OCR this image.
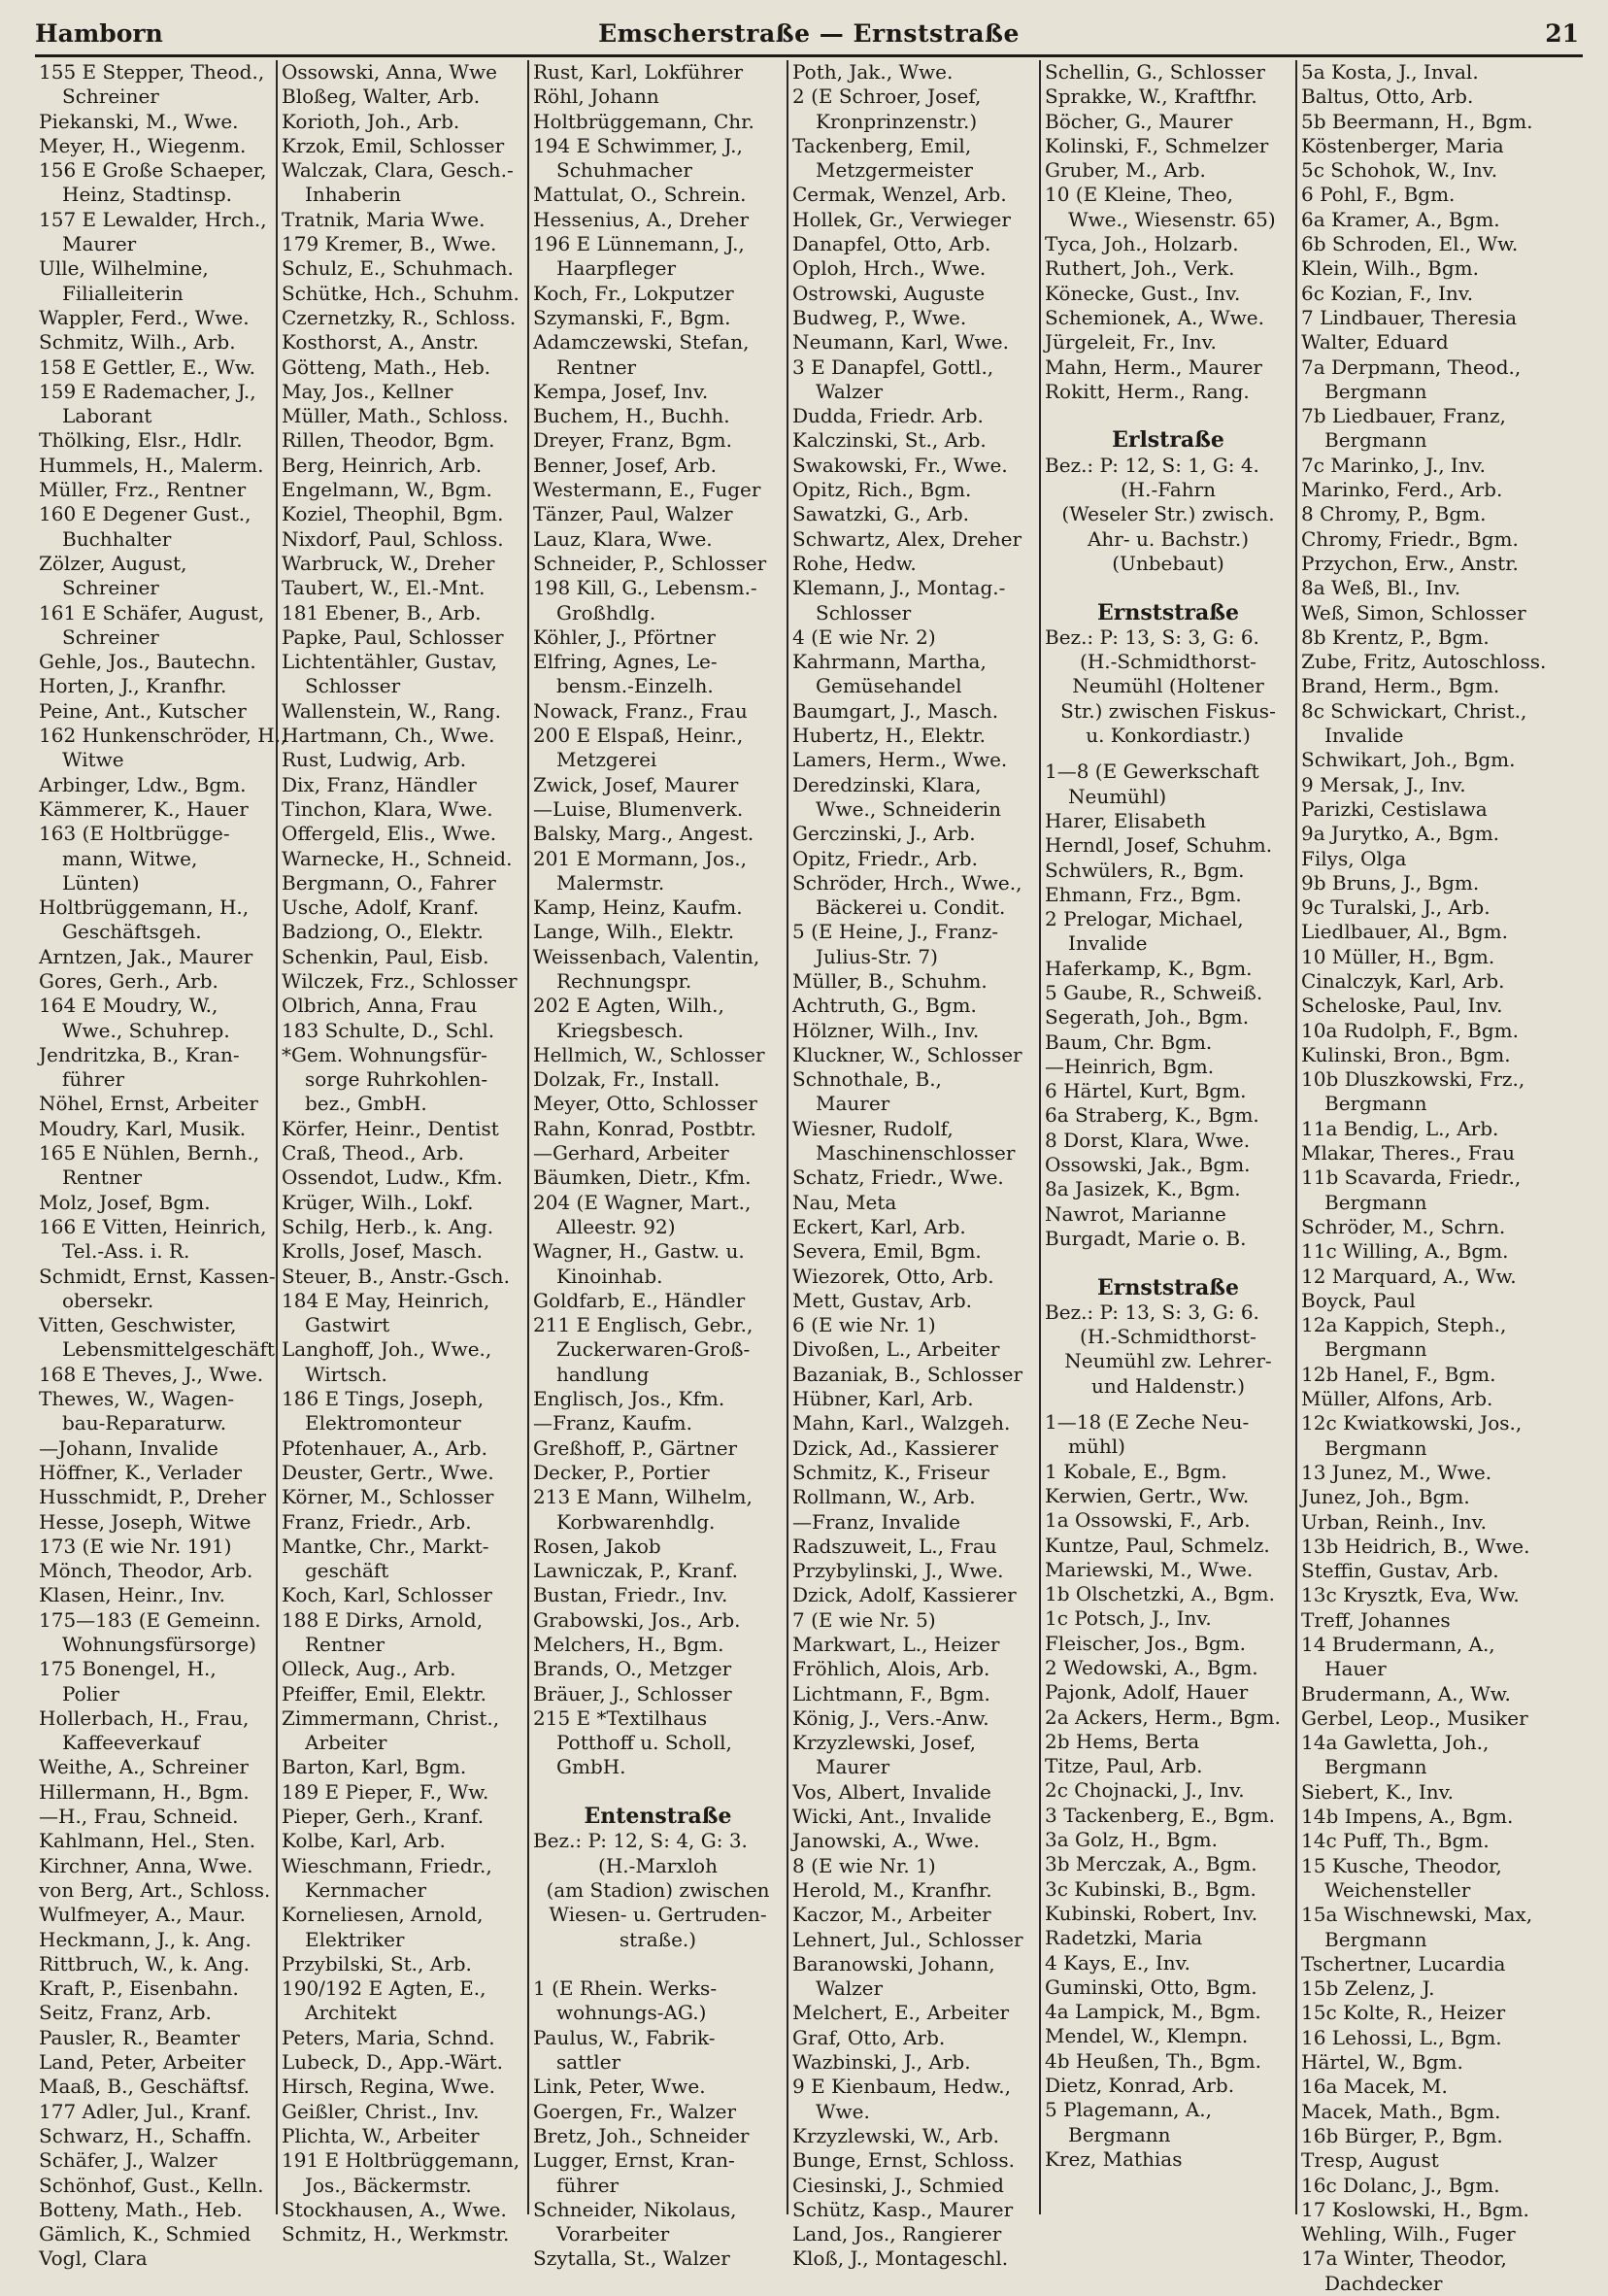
Hamborn	Emscherstraße — Ernststraße	21
155 E Stepper, Theod.,
Schreiner
Piekanski, M., Wwe.
Meyer, H., Wiegenm.
156 E Große Schaeper,
Heinz, Stadtinsp.
157 E Lewalder, Hrch.,
Maurer
Ulle, Wilhelmine,
Filialleiterin
Wappler, Ferd., Wwe.
Schmitz, Wilh., Arb.
158 E Gettler, E., Ww.
159 E Rademacher, J.,
Laborant
Thölking, Elsr., Hdlr.
Hummels, H., Malerm.
Müller, Frz., Rentner
160 E Degener Gust.,
Buchhalter
Zölzer, August,
Schreiner
161 E Schäfer, August,
Schreiner
Gehle, Jos., Bautechn.
Horten, J., Kranfhr.
Peine, Ant., Kutscher
162 Hunkenschröder, H.,
Witwe
Arbinger, Ldw., Bgm.
Kämmerer, K., Hauer
163 (E Holtbrügge-
mann, Witwe,
Lünten)
Holtbrüggemann, H.,
Geschäftsgeh.
Arntzen, Jak., Maurer
Gores, Gerh., Arb.
164 E Moudry, W.,
Wwe., Schuhrep.
Jendritzka, B., Kran-
führer
Nöhel, Ernst, Arbeiter
Moudry, Karl, Musik.
165 E Nühlen, Bernh.,
Rentner
Molz, Josef, Bgm.
166 E Vitten, Heinrich,
Tel.-Ass. i. R.
Schmidt, Ernst, Kassen-
obersekr.
Vitten, Geschwister,
Lebensmittelgeschäft
168 E Theves, J., Wwe.
Thewes, W., Wagen-
bau-Reparaturw.
—Johann, Invalide
Höffner, K., Verlader
Husschmidt, P., Dreher
Hesse, Joseph, Witwe
173 (E wie Nr. 191)
Mönch, Theodor, Arb.
Klasen, Heinr., Inv.
175—183 (E Gemeinn.
Wohnungsfürsorge)
175 Bonengel, H.,
Polier
Hollerbach, H., Frau,
Kaffeeverkauf
Weithe, A., Schreiner
Hillermann, H., Bgm.
—H., Frau, Schneid.
Kahlmann, Hel., Sten.
Kirchner, Anna, Wwe.
von Berg, Art., Schloss.
Wulfmeyer, A., Maur.
Heckmann, J., k. Ang.
Rittbruch, W., k. Ang.
Kraft, P., Eisenbahn.
Seitz, Franz, Arb.
Pausler, R., Beamter
Land, Peter, Arbeiter
Maaß, B., Geschäftsf.
177 Adler, Jul., Kranf.
Schwarz, H., Schaffn.
Schäfer, J., Walzer
Schönhof, Gust., Kelln.
Botteny, Math., Heb.
Gämlich, K., Schmied
Vogl, Clara
Ossowski, Anna, Wwe
Bloßeg, Walter, Arb.
Korioth, Joh., Arb.
Krzok, Emil, Schlosser
Walczak, Clara, Gesch.-
Inhaberin
Tratnik, Maria Wwe.
179 Kremer, B., Wwe.
Schulz, E., Schuhmach.
Schütke, Hch., Schuhm.
Czernetzky, R., Schloss.
Kosthorst, A., Anstr.
Götteng, Math., Heb.
May, Jos., Kellner
Müller, Math., Schloss.
Rillen, Theodor, Bgm.
Berg, Heinrich, Arb.
Engelmann, W., Bgm.
Koziel, Theophil, Bgm.
Nixdorf, Paul, Schloss.
Warbruck, W., Dreher
Taubert, W., El.-Mnt.
181 Ebener, B., Arb.
Papke, Paul, Schlosser
Lichtentähler, Gustav,
Schlosser
Wallenstein, W., Rang.
Hartmann, Ch., Wwe.
Rust, Ludwig, Arb.
Dix, Franz, Händler
Tinchon, Klara, Wwe.
Offergeld, Elis., Wwe.
Warnecke, H., Schneid.
Bergmann, O., Fahrer
Usche, Adolf, Kranf.
Badziong, O., Elektr.
Schenkin, Paul, Eisb.
Wilczek, Frz., Schlosser
Olbrich, Anna, Frau
183 Schulte, D., Schl.
*Gem. Wohnungsfür-
sorge Ruhrkohlen-
bez., GmbH.
Körfer, Heinr., Dentist
Craß, Theod., Arb.
Ossendot, Ludw., Kfm.
Krüger, Wilh., Lokf.
Schilg, Herb., k. Ang.
Krolls, Josef, Masch.
Steuer, B., Anstr.-Gsch.
184 E May, Heinrich,
Gastwirt
Langhoff, Joh., Wwe.,
Wirtsch.
186 E Tings, Joseph,
Elektromonteur
Pfotenhauer, A., Arb.
Deuster, Gertr., Wwe.
Körner, M., Schlosser
Franz, Friedr., Arb.
Mantke, Chr., Markt-
geschäft
Koch, Karl, Schlosser
188 E Dirks, Arnold,
Rentner
Olleck, Aug., Arb.
Pfeiffer, Emil, Elektr.
Zimmermann, Christ.,
Arbeiter
Barton, Karl, Bgm.
189 E Pieper, F., Ww.
Pieper, Gerh., Kranf.
Kolbe, Karl, Arb.
Wieschmann, Friedr.,
Kernmacher
Korneliesen, Arnold,
Elektriker
Przybilski, St., Arb.
190/192 E Agten, E.,
Architekt
Peters, Maria, Schnd.
Lubeck, D., App.-Wärt.
Hirsch, Regina, Wwe.
Geißler, Christ., Inv.
Plichta, W., Arbeiter
191 E Holtbrüggemann,
Jos., Bäckermstr.
Stockhausen, A., Wwe.
Schmitz, H., Werkmstr.
Rust, Karl, Lokführer
Röhl, Johann
Holtbrüggemann, Chr.
194 E Schwimmer, J.,
Schuhmacher
Mattulat, O., Schrein.
Hessenius, A., Dreher
196 E Lünnemann, J.,
Haarpfleger
Koch, Fr., Lokputzer
Szymanski, F., Bgm.
Adamczewski, Stefan,
Rentner
Kempa, Josef, Inv.
Buchem, H., Buchh.
Dreyer, Franz, Bgm.
Benner, Josef, Arb.
Westermann, E., Fuger
Tänzer, Paul, Walzer
Lauz, Klara, Wwe.
Schneider, P., Schlosser
198 Kill, G., Lebensm.-
Großhdlg.
Köhler, J., Pförtner
Elfring, Agnes, Le-
bensm.-Einzelh.
Nowack, Franz., Frau
200 E Elspaß, Heinr.,
Metzgerei
Zwick, Josef, Maurer
—Luise, Blumenverk.
Balsky, Marg., Angest.
201 E Mormann, Jos.,
Malermstr.
Kamp, Heinz, Kaufm.
Lange, Wilh., Elektr.
Weissenbach, Valentin,
Rechnungspr.
202 E Agten, Wilh.,
Kriegsbesch.
Hellmich, W., Schlosser
Dolzak, Fr., Install.
Meyer, Otto, Schlosser
Rahn, Konrad, Postbtr.
—Gerhard, Arbeiter
Bäumken, Dietr., Kfm.
204 (E Wagner, Mart.,
Alleestr. 92)
Wagner, H., Gastw. u.
Kinoinhab.
Goldfarb, E., Händler
211 E Englisch, Gebr.,
Zuckerwaren-Groß-
handlung
Englisch, Jos., Kfm.
—Franz, Kaufm.
Greßhoff, P., Gärtner
Decker, P., Portier
213 E Mann, Wilhelm,
Korbwarenhdlg.
Rosen, Jakob
Lawniczak, P., Kranf.
Bustan, Friedr., Inv.
Grabowski, Jos., Arb.
Melchers, H., Bgm.
Brands, O., Metzger
Bräuer, J., Schlosser
215 E *Textilhaus
Potthoff u. Scholl,
GmbH.
Entenstraße
Bez.: P: 12, S: 4, G: 3.
(H.-Marxloh
(am Stadion) zwischen
Wiesen- u. Gertruden-
straße.)
1 (E Rhein. Werks-
wohnungs-AG.)
Paulus, W., Fabrik-
sattler
Link, Peter, Wwe.
Goergen, Fr., Walzer
Bretz, Joh., Schneider
Lugger, Ernst, Kran-
führer
Schneider, Nikolaus,
Vorarbeiter
Szytalla, St., Walzer
Poth, Jak., Wwe.
2 (E Schroer, Josef,
Kronprinzenstr.)
Tackenberg, Emil,
Metzgermeister
Cermak, Wenzel, Arb.
Hollek, Gr., Verwieger
Danapfel, Otto, Arb.
Oploh, Hrch., Wwe.
Ostrowski, Auguste
Budweg, P., Wwe.
Neumann, Karl, Wwe.
3 E Danapfel, Gottl.,
Walzer
Dudda, Friedr. Arb.
Kalczinski, St., Arb.
Swakowski, Fr., Wwe.
Opitz, Rich., Bgm.
Sawatzki, G., Arb.
Schwartz, Alex, Dreher
Rohe, Hedw.
Klemann, J., Montag.-
Schlosser
4 (E wie Nr. 2)
Kahrmann, Martha,
Gemüsehandel
Baumgart, J., Masch.
Hubertz, H., Elektr.
Lamers, Herm., Wwe.
Deredzinski, Klara,
Wwe., Schneiderin
Gerczinski, J., Arb.
Opitz, Friedr., Arb.
Schröder, Hrch., Wwe.,
Bäckerei u. Condit.
5 (E Heine, J., Franz-
Julius-Str. 7)
Müller, B., Schuhm.
Achtruth, G., Bgm.
Hölzner, Wilh., Inv.
Kluckner, W., Schlosser
Schnothale, B.,
Maurer
Wiesner, Rudolf,
Maschinenschlosser
Schatz, Friedr., Wwe.
Nau, Meta
Eckert, Karl, Arb.
Severa, Emil, Bgm.
Wiezorek, Otto, Arb.
Mett, Gustav, Arb.
6 (E wie Nr. 1)
Divoßen, L., Arbeiter
Bazaniak, B., Schlosser
Hübner, Karl, Arb.
Mahn, Karl., Walzgeh.
Dzick, Ad., Kassierer
Schmitz, K., Friseur
Rollmann, W., Arb.
—Franz, Invalide
Radszuweit, L., Frau
Przybylinski, J., Wwe.
Dzick, Adolf, Kassierer
7 (E wie Nr. 5)
Markwart, L., Heizer
Fröhlich, Alois, Arb.
Lichtmann, F., Bgm.
König, J., Vers.-Anw.
Krzyzlewski, Josef,
Maurer
Vos, Albert, Invalide
Wicki, Ant., Invalide
Janowski, A., Wwe.
8 (E wie Nr. 1)
Herold, M., Kranfhr.
Kaczor, M., Arbeiter
Lehnert, Jul., Schlosser
Baranowski, Johann,
Walzer
Melchert, E., Arbeiter
Graf, Otto, Arb.
Wazbinski, J., Arb.
9 E Kienbaum, Hedw.,
Wwe.
Krzyzlewski, W., Arb.
Bunge, Ernst, Schloss.
Ciesinski, J., Schmied
Schütz, Kasp., Maurer
Land, Jos., Rangierer
Kloß, J., Montageschl.
Schellin, G., Schlosser
Sprakke, W., Kraftfhr.
Böcher, G., Maurer
Kolinski, F., Schmelzer
Gruber, M., Arb.
10 (E Kleine, Theo,
Wwe., Wiesenstr. 65)
Tyca, Joh., Holzarb.
Ruthert, Joh., Verk.
Könecke, Gust., Inv.
Schemionek, A., Wwe.
Jürgeleit, Fr., Inv.
Mahn, Herm., Maurer
Rokitt, Herm., Rang.
Erlstraße
Bez.: P: 12, S: 1, G: 4.
(H.-Fahrn
(Weseler Str.) zwisch.
Ahr- u. Bachstr.)
(Unbebaut)
Ernststraße
Bez.: P: 13, S: 3, G: 6.
(H.-Schmidthorst-
Neumühl (Holtener
Str.) zwischen Fiskus-
u. Konkordiastr.)
1—8 (E Gewerkschaft
Neumühl)
Harer, Elisabeth
Herndl, Josef, Schuhm.
Schwülers, R., Bgm.
Ehmann, Frz., Bgm.
2 Prelogar, Michael,
Invalide
Haferkamp, K., Bgm.
5 Gaube, R., Schweiß.
Segerath, Joh., Bgm.
Baum, Chr. Bgm.
—Heinrich, Bgm.
6 Härtel, Kurt, Bgm.
6a Straberg, K., Bgm.
8 Dorst, Klara, Wwe.
Ossowski, Jak., Bgm.
8a Jasizek, K., Bgm.
Nawrot, Marianne
Burgadt, Marie o. B.
Ernststraße
Bez.: P: 13, S: 3, G: 6.
(H.-Schmidthorst-
Neumühl zw. Lehrer-
und Haldenstr.)
1—18 (E Zeche Neu-
mühl)
1 Kobale, E., Bgm.
Kerwien, Gertr., Ww.
1a Ossowski, F., Arb.
Kuntze, Paul, Schmelz.
Mariewski, M., Wwe.
1b Olschetzki, A., Bgm.
1c Potsch, J., Inv.
Fleischer, Jos., Bgm.
2 Wedowski, A., Bgm.
Pajonk, Adolf, Hauer
2a Ackers, Herm., Bgm.
2b Hems, Berta
Titze, Paul, Arb.
2c Chojnacki, J., Inv.
3 Tackenberg, E., Bgm.
3a Golz, H., Bgm.
3b Merczak, A., Bgm.
3c Kubinski, B., Bgm.
Kubinski, Robert, Inv.
Radetzki, Maria
4 Kays, E., Inv.
Guminski, Otto, Bgm.
4a Lampick, M., Bgm.
Mendel, W., Klempn.
4b Heußen, Th., Bgm.
Dietz, Konrad, Arb.
5 Plagemann, A.,
Bergmann
Krez, Mathias
5a Kosta, J., Inval.
Baltus, Otto, Arb.
5b Beermann, H., Bgm.
Köstenberger, Maria
5c Schohok, W., Inv.
6 Pohl, F., Bgm.
6a Kramer, A., Bgm.
6b Schroden, El., Ww.
Klein, Wilh., Bgm.
6c Kozian, F., Inv.
7 Lindbauer, Theresia
Walter, Eduard
7a Derpmann, Theod.,
Bergmann
7b Liedbauer, Franz,
Bergmann
7c Marinko, J., Inv.
Marinko, Ferd., Arb.
8 Chromy, P., Bgm.
Chromy, Friedr., Bgm.
Przychon, Erw., Anstr.
8a Weß, Bl., Inv.
Weß, Simon, Schlosser
8b Krentz, P., Bgm.
Zube, Fritz, Autoschloss.
Brand, Herm., Bgm.
8c Schwickart, Christ.,
Invalide
Schwikart, Joh., Bgm.
9 Mersak, J., Inv.
Parizki, Cestislawa
9a Jurytko, A., Bgm.
Filys, Olga
9b Bruns, J., Bgm.
9c Turalski, J., Arb.
Liedlbauer, Al., Bgm.
10 Müller, H., Bgm.
Cinalczyk, Karl, Arb.
Scheloske, Paul, Inv.
10a Rudolph, F., Bgm.
Kulinski, Bron., Bgm.
10b Dluszkowski, Frz.,
Bergmann
11a Bendig, L., Arb.
Mlakar, Theres., Frau
11b Scavarda, Friedr.,
Bergmann
Schröder, M., Schrn.
11c Willing, A., Bgm.
12 Marquard, A., Ww.
Boyck, Paul
12a Kappich, Steph.,
Bergmann
12b Hanel, F., Bgm.
Müller, Alfons, Arb.
12c Kwiatkowski, Jos.,
Bergmann
13 Junez, M., Wwe.
Junez, Joh., Bgm.
Urban, Reinh., Inv.
13b Heidrich, B., Wwe.
Steffin, Gustav, Arb.
13c Krysztk, Eva, Ww.
Treff, Johannes
14 Brudermann, A.,
Hauer
Brudermann, A., Ww.
Gerbel, Leop., Musiker
14a Gawletta, Joh.,
Bergmann
Siebert, K., Inv.
14b Impens, A., Bgm.
14c Puff, Th., Bgm.
15 Kusche, Theodor,
Weichensteller
15a Wischnewski, Max,
Bergmann
Tschertner, Lucardia
15b Zelenz, J.
15c Kolte, R., Heizer
16 Lehossi, L., Bgm.
Härtel, W., Bgm.
16a Macek, M.
Macek, Math., Bgm.
16b Bürger, P., Bgm.
Tresp, August
16c Dolanc, J., Bgm.
17 Koslowski, H., Bgm.
Wehling, Wilh., Fuger
17a Winter, Theodor,
Dachdecker
